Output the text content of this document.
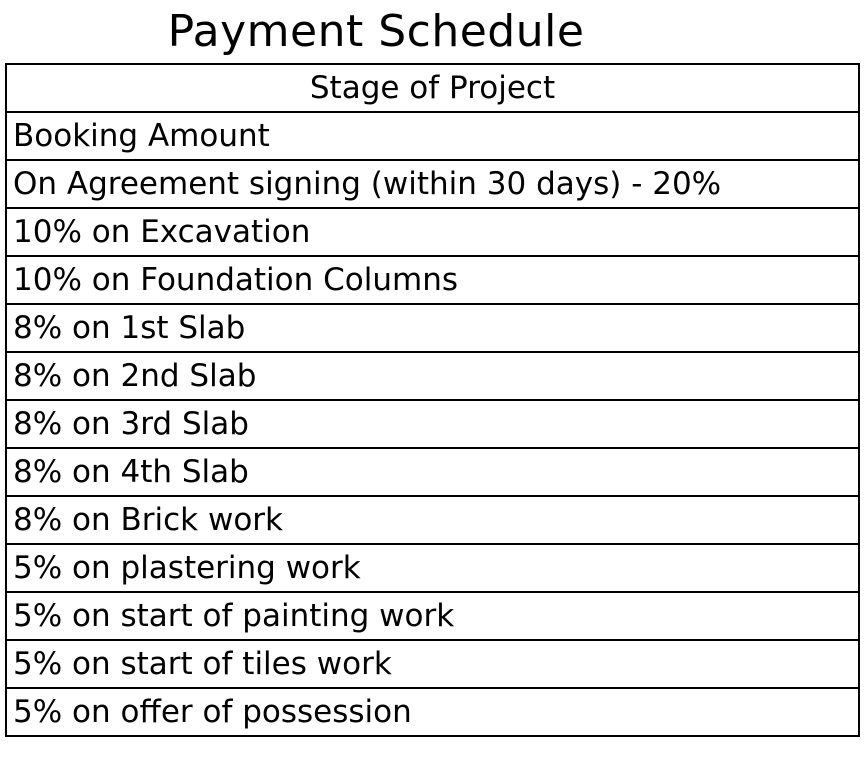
Payment Schedule
Stage of Project
Booking Amount
On Agreement signing (within 30 days) - 20%
10% on Excavation
10% on Foundation Columns
8% on 1st Slab
8% on 2nd Slab
8% on 3rd Slab
8% on 4th Slab
8% on Brick work
5% on plastering work
5% on start of painting work
5% on start of tiles work
5% on offer of possession
